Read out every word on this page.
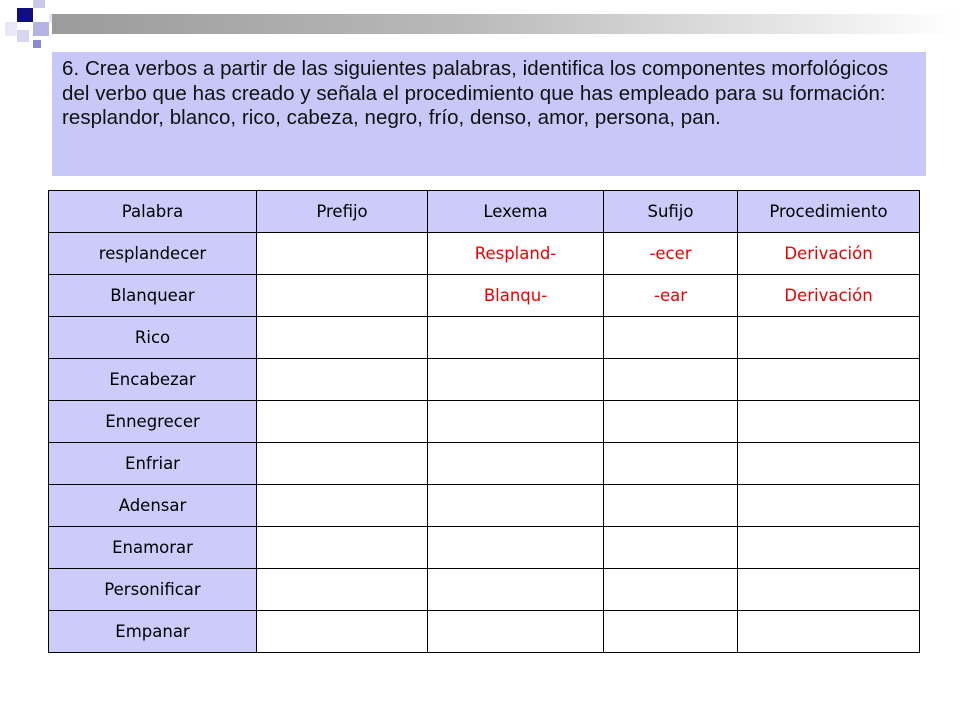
6. Crea verbos a partir de las siguientes palabras, identifica los componentes morfológicos del verbo que has creado y señala el procedimiento que has empleado para su formación: resplandor, blanco, rico, cabeza, negro, frío, denso, amor, persona, pan.
Palabra	Prefijo	Lexema	Sufijo	Procedimiento
resplandecer		Respland-	-ecer	Derivación
Blanquear		Blanqu-	-ear	Derivación
Rico				
Encabezar				
Ennegrecer				
Enfriar				
Adensar				
Enamorar				
Personificar				
Empanar				
